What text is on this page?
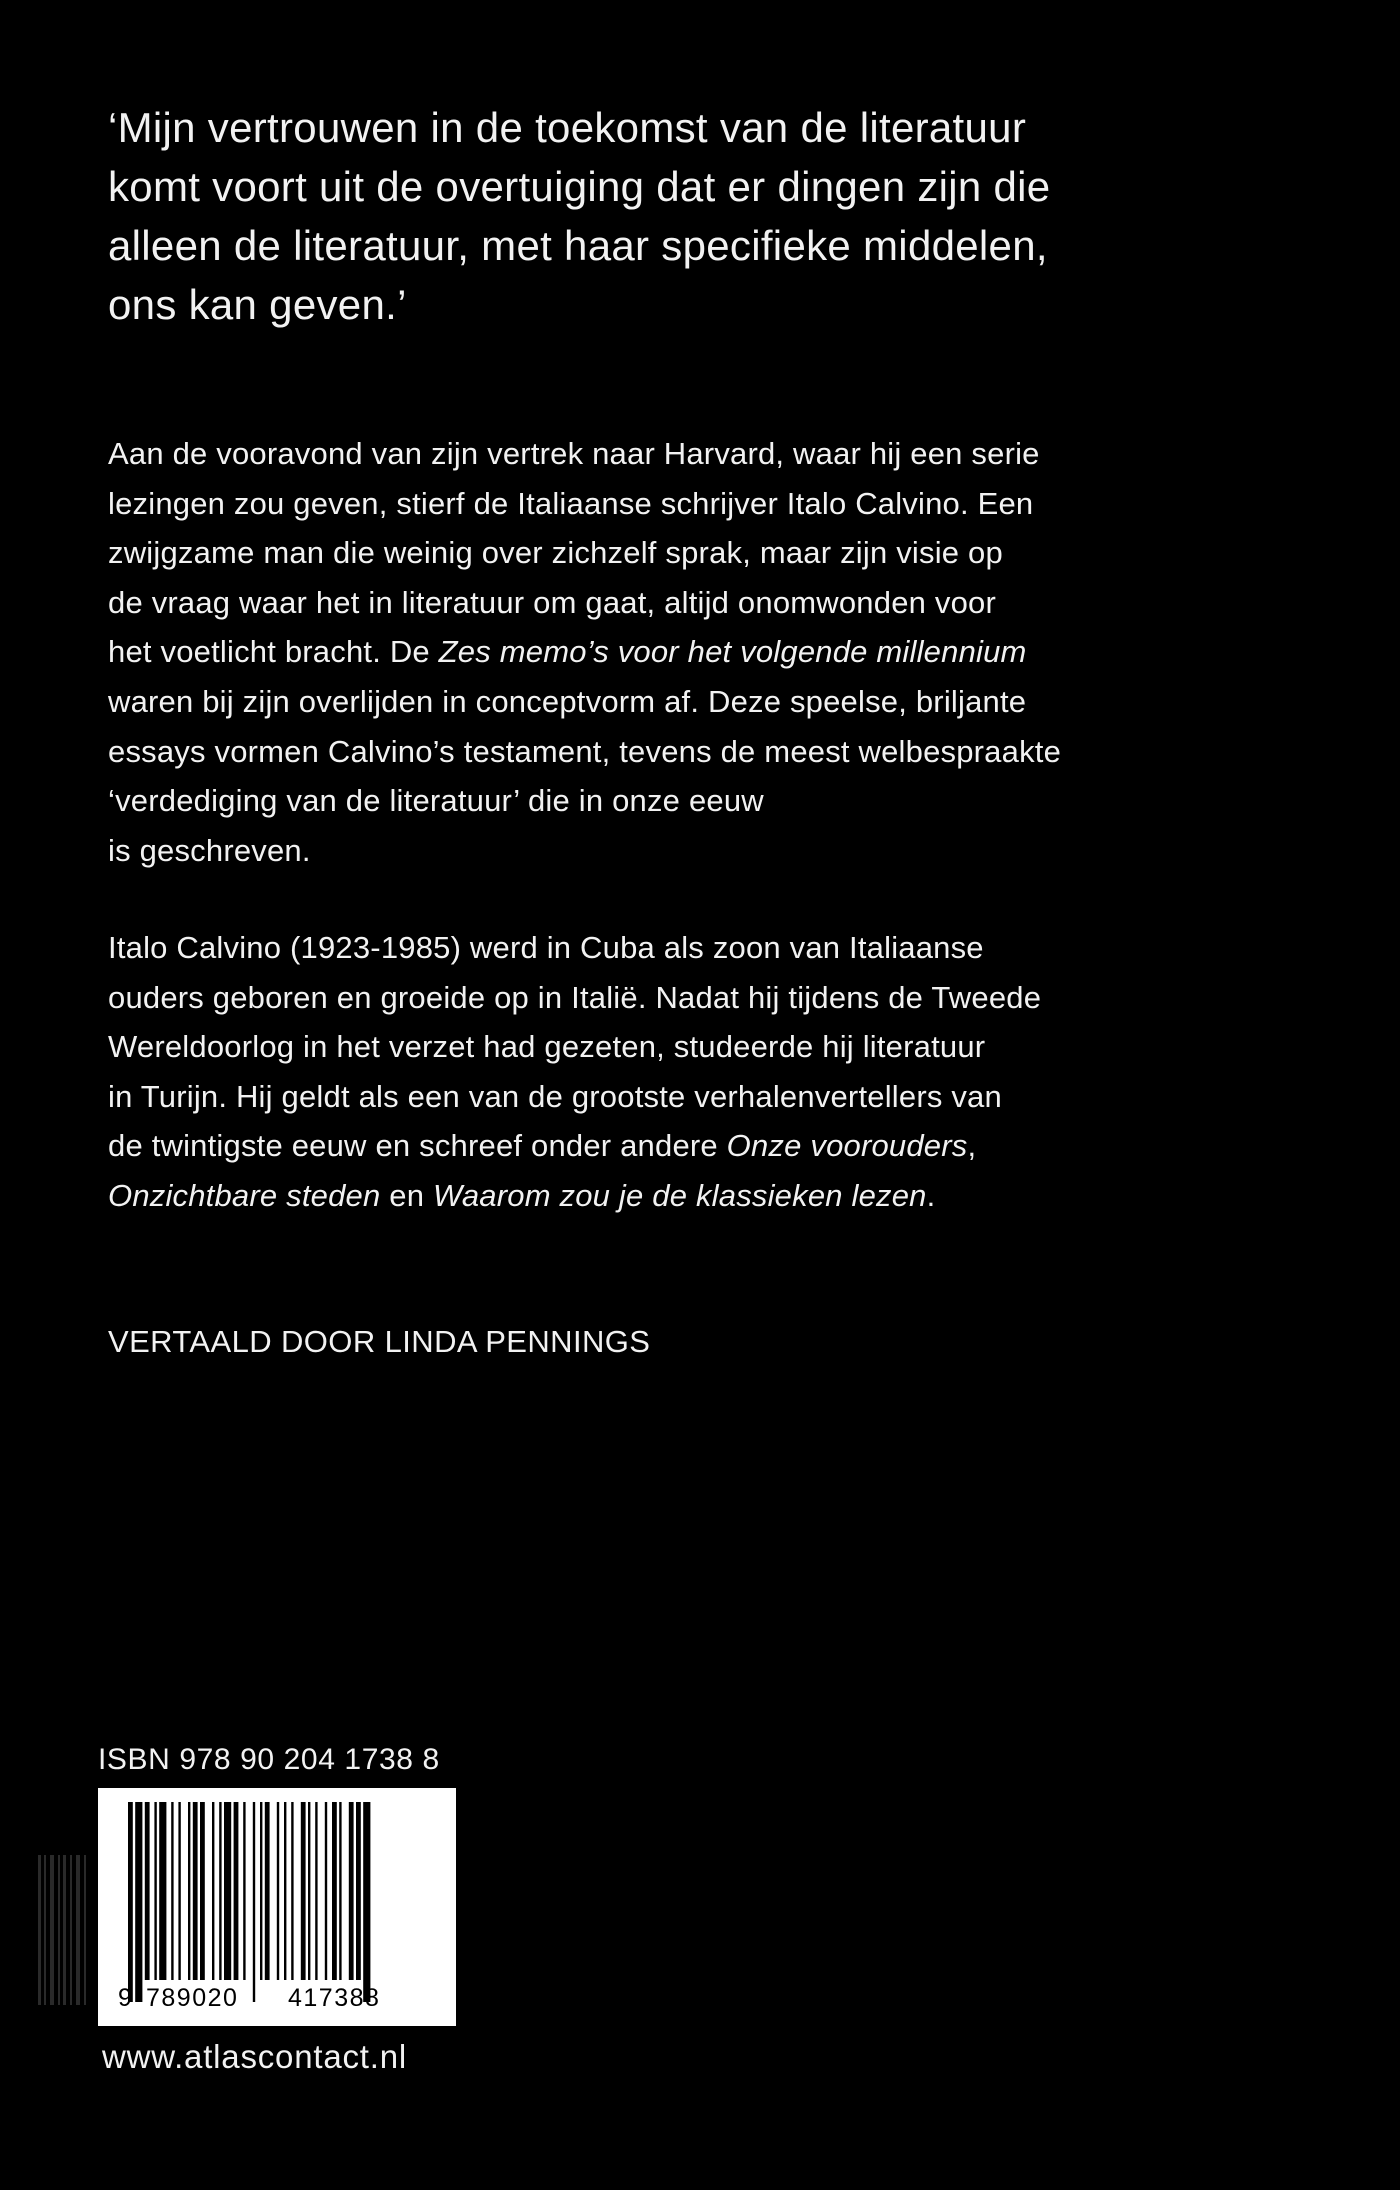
‘Mijn vertrouwen in de toekomst van de literatuur
komt voort uit de overtuiging dat er dingen zijn die
alleen de literatuur, met haar specifieke middelen,
ons kan geven.’
Aan de vooravond van zijn vertrek naar Harvard, waar hij een serie
lezingen zou geven, stierf de Italiaanse schrijver Italo Calvino. Een
zwijgzame man die weinig over zichzelf sprak, maar zijn visie op
de vraag waar het in literatuur om gaat, altijd onomwonden voor
het voetlicht bracht. De Zes memo’s voor het volgende millennium
waren bij zijn overlijden in conceptvorm af. Deze speelse, briljante
essays vormen Calvino’s testament, tevens de meest welbespraakte
‘verdediging van de literatuur’ die in onze eeuw
is geschreven.
Italo Calvino (1923-1985) werd in Cuba als zoon van Italiaanse
ouders geboren en groeide op in Italië. Nadat hij tijdens de Tweede
Wereldoorlog in het verzet had gezeten, studeerde hij literatuur
in Turijn. Hij geldt als een van de grootste verhalenvertellers van
de twintigste eeuw en schreef onder andere Onze voorouders,
Onzichtbare steden en Waarom zou je de klassieken lezen.
VERTAALD DOOR LINDA PENNINGS
ISBN 978 90 204 1738 8
9 789020 417388
www.atlascontact.nl
